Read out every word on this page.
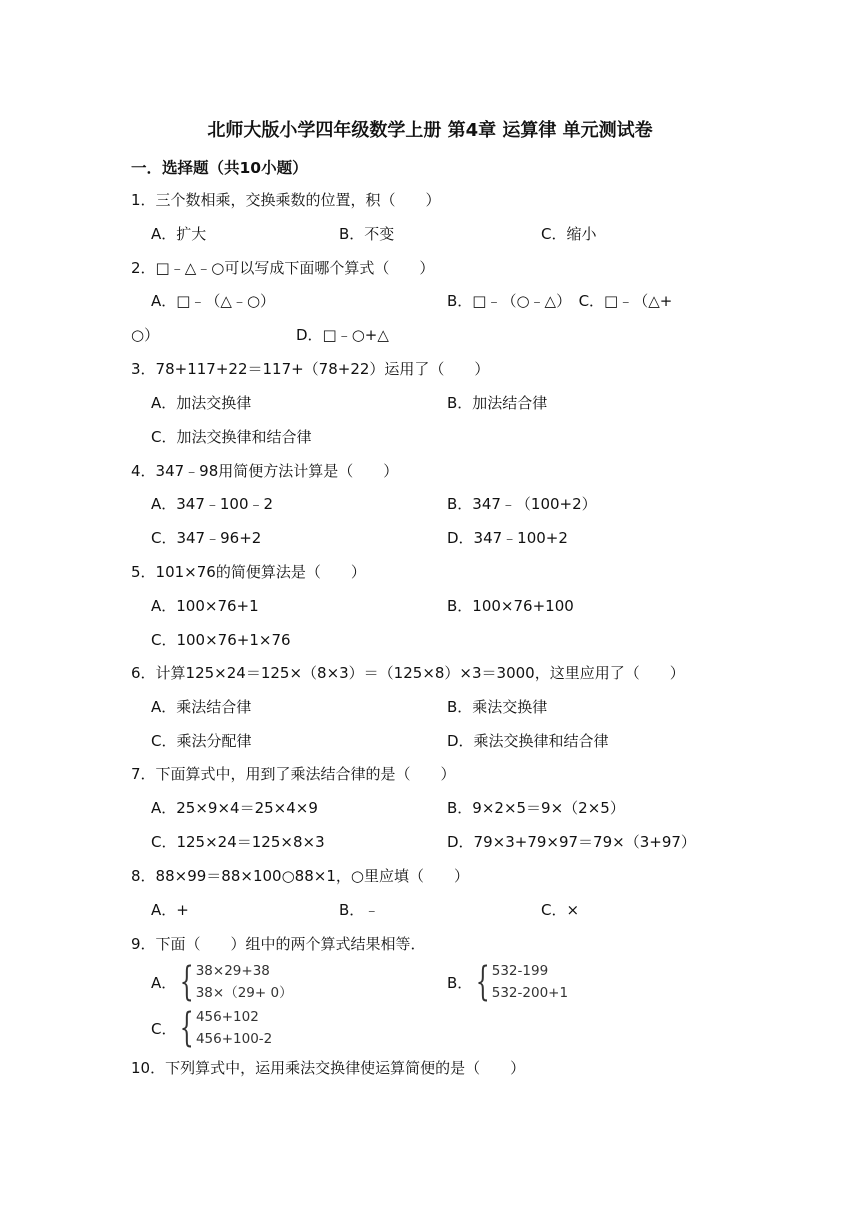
北师大版小学四年级数学上册 第4章 运算律 单元测试卷
一．选择题（共10小题）
1．三个数相乘，交换乘数的位置，积（　　）
A．扩大	B．不变	C．缩小
2．□﹣△﹣○可以写成下面哪个算式（　　）
A．□﹣（△﹣○）	B．□﹣（○﹣△）　C．□﹣（△+
○）	D．□﹣○+△
3．78+117+22＝117+（78+22）运用了（　　）
A．加法交换律	B．加法结合律
C．加法交换律和结合律
4．347﹣98用简便方法计算是（　　）
A．347﹣100﹣2	B．347﹣（100+2）
C．347﹣96+2	D．347﹣100+2
5．101×76的简便算法是（　　）
A．100×76+1	B．100×76+100
C．100×76+1×76
6．计算125×24＝125×（8×3）＝（125×8）×3＝3000，这里应用了（　　）
A．乘法结合律	B．乘法交换律
C．乘法分配律	D．乘法交换律和结合律
7．下面算式中，用到了乘法结合律的是（　　）
A．25×9×4＝25×4×9	B．9×2×5＝9×（2×5）
C．125×24＝125×8×3	D．79×3+79×97＝79×（3+97）
8．88×99＝88×100○88×1，○里应填（　　）
A．+	B．﹣	C．×
9．下面（　　）组中的两个算式结果相等．
A． { 38×29+38
38×（29+ 0）
B． { 532-199
532-200+1
C． { 456+102
456+100-2
10．下列算式中，运用乘法交换律使运算简便的是（　　）
